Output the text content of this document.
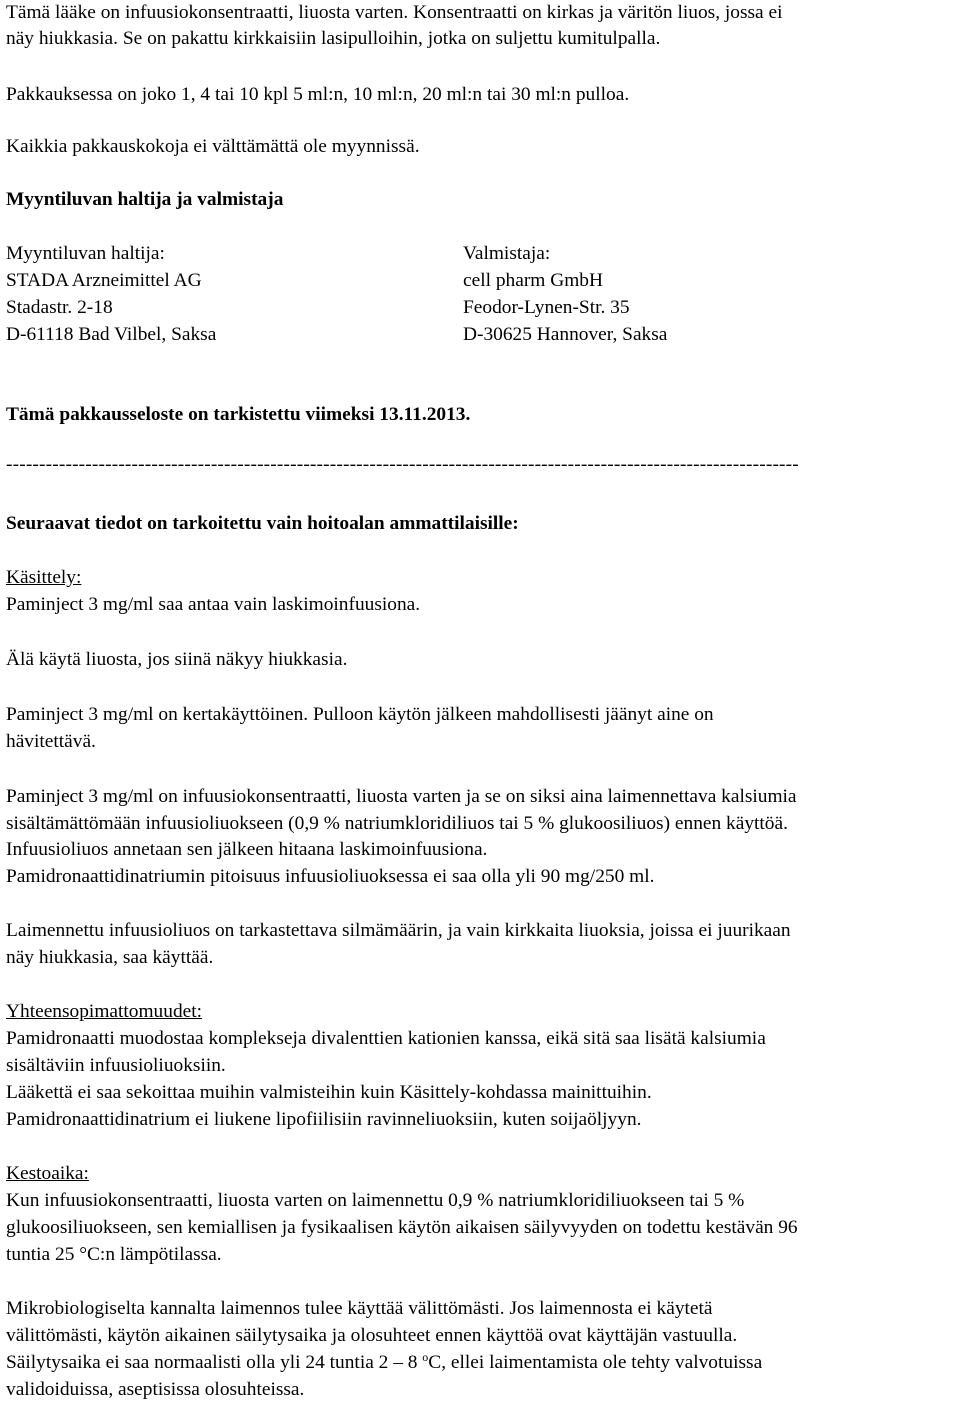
Tämä lääke on infuusiokonsentraatti, liuosta varten. Konsentraatti on kirkas ja väritön liuos, jossa ei
näy hiukkasia. Se on pakattu kirkkaisiin lasipulloihin, jotka on suljettu kumitulpalla.
Pakkauksessa on joko 1, 4 tai 10 kpl 5 ml:n, 10 ml:n, 20 ml:n tai 30 ml:n pulloa.
Kaikkia pakkauskokoja ei välttämättä ole myynnissä.
Myyntiluvan haltija ja valmistaja
Myyntiluvan haltija:	Valmistaja:
STADA Arzneimittel AG	cell pharm GmbH
Stadastr. 2-18	Feodor-Lynen-Str. 35
D-61118 Bad Vilbel, Saksa	D-30625 Hannover, Saksa
Tämä pakkausseloste on tarkistettu viimeksi 13.11.2013.
------------------------------------------------------------------------------------------------------------------------
Seuraavat tiedot on tarkoitettu vain hoitoalan ammattilaisille:
Käsittely:
Paminject 3 mg/ml saa antaa vain laskimoinfuusiona.
Älä käytä liuosta, jos siinä näkyy hiukkasia.
Paminject 3 mg/ml on kertakäyttöinen. Pulloon käytön jälkeen mahdollisesti jäänyt aine on
hävitettävä.
Paminject 3 mg/ml on infuusiokonsentraatti, liuosta varten ja se on siksi aina laimennettava kalsiumia
sisältämättömään infuusioliuokseen (0,9 % natriumkloridiliuos tai 5 % glukoosiliuos) ennen käyttöä.
Infuusioliuos annetaan sen jälkeen hitaana laskimoinfuusiona.
Pamidronaattidinatriumin pitoisuus infuusioliuoksessa ei saa olla yli 90 mg/250 ml.
Laimennettu infuusioliuos on tarkastettava silmämäärin, ja vain kirkkaita liuoksia, joissa ei juurikaan
näy hiukkasia, saa käyttää.
Yhteensopimattomuudet:
Pamidronaatti muodostaa komplekseja divalenttien kationien kanssa, eikä sitä saa lisätä kalsiumia
sisältäviin infuusioliuoksiin.
Lääkettä ei saa sekoittaa muihin valmisteihin kuin Käsittely-kohdassa mainittuihin.
Pamidronaattidinatrium ei liukene lipofiilisiin ravinneliuoksiin, kuten soijaöljyyn.
Kestoaika:
Kun infuusiokonsentraatti, liuosta varten on laimennettu 0,9 % natriumkloridiliuokseen tai 5 %
glukoosiliuokseen, sen kemiallisen ja fysikaalisen käytön aikaisen säilyvyyden on todettu kestävän 96
tuntia 25 °C:n lämpötilassa.
Mikrobiologiselta kannalta laimennos tulee käyttää välittömästi. Jos laimennosta ei käytetä
välittömästi, käytön aikainen säilytysaika ja olosuhteet ennen käyttöä ovat käyttäjän vastuulla.
Säilytysaika ei saa normaalisti olla yli 24 tuntia 2 – 8 $^o$C, ellei laimentamista ole tehty valvotuissa
validoiduissa, aseptisissa olosuhteissa.
